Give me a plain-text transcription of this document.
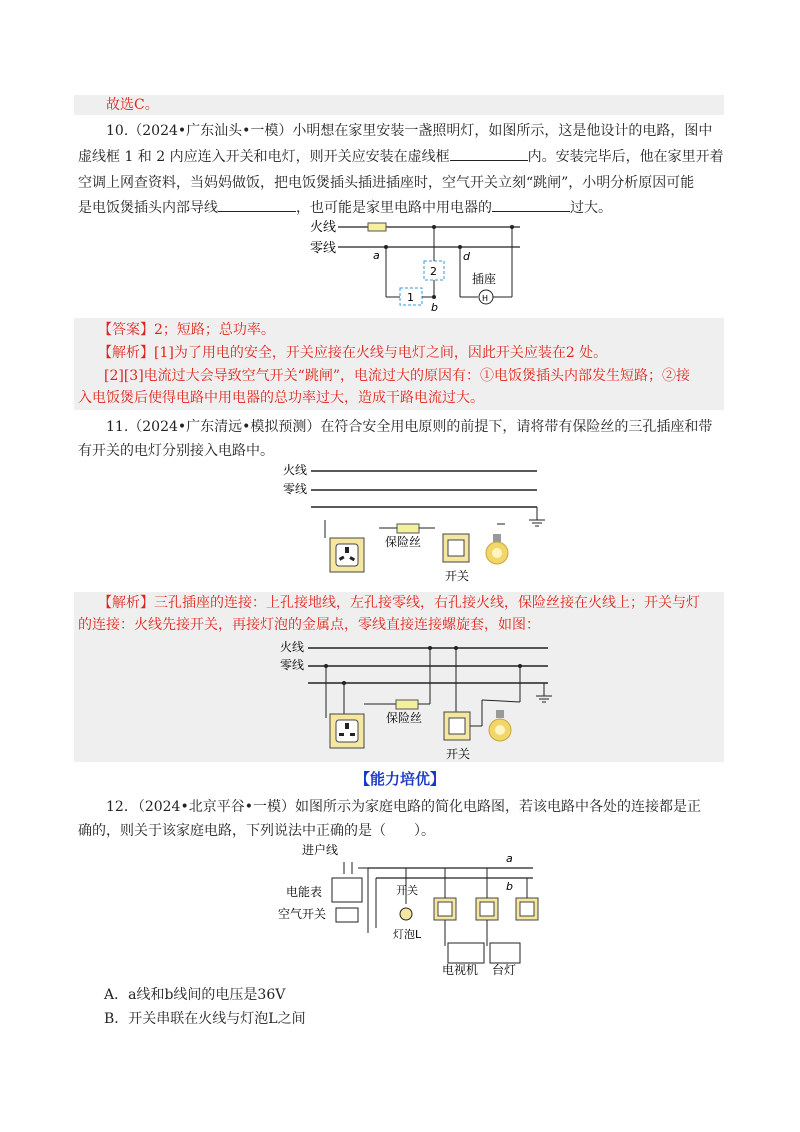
故选C。
10.（2024•广东汕头•一模）小明想在家里安装一盏照明灯，如图所示，这是他设计的电路，图中
虚线框 1 和 2 内应连入开关和电灯，则开关应安装在虚线框	内。安装完毕后，他在家里开着
空调上网查资料，当妈妈做饭，把电饭煲插头插进插座时，空气开关立刻“跳闸”，小明分析原因可能
是电饭煲插头内部导线	，也可能是家里电路中用电器的	过大。
火线
零线	a
1
b
2
d
插座
H
【答案】2；短路；总功率。
【解析】[1]为了用电的安全，开关应接在火线与电灯之间，因此开关应装在2 处。
[2][3]电流过大会导致空气开关“跳闸”，电流过大的原因有：①电饭煲插头内部发生短路；②接
入电饭煲后使得电路中用电器的总功率过大，造成干路电流过大。
11.（2024•广东清远•模拟预测）在符合安全用电原则的前提下，请将带有保险丝的三孔插座和带
有开关的电灯分别接入电路中。
火线
零线
保险丝
开关
【解析】三孔插座的连接：上孔接地线，左孔接零线，右孔接火线，保险丝接在火线上；开关与灯
的连接：火线先接开关，再接灯泡的金属点，零线直接连接螺旋套，如图：
火线
零线
保险丝
开关
【能力培优】
12．（2024•北京平谷•一模）如图所示为家庭电路的简化电路图，若该电路中各处的连接都是正
确的，则关于该家庭电路，下列说法中正确的是（　　）。
进户线
电能表
空气开关
a
b
开关
灯泡L
电视机 台灯
A．a线和b线间的电压是36V
B．开关串联在火线与灯泡L之间
